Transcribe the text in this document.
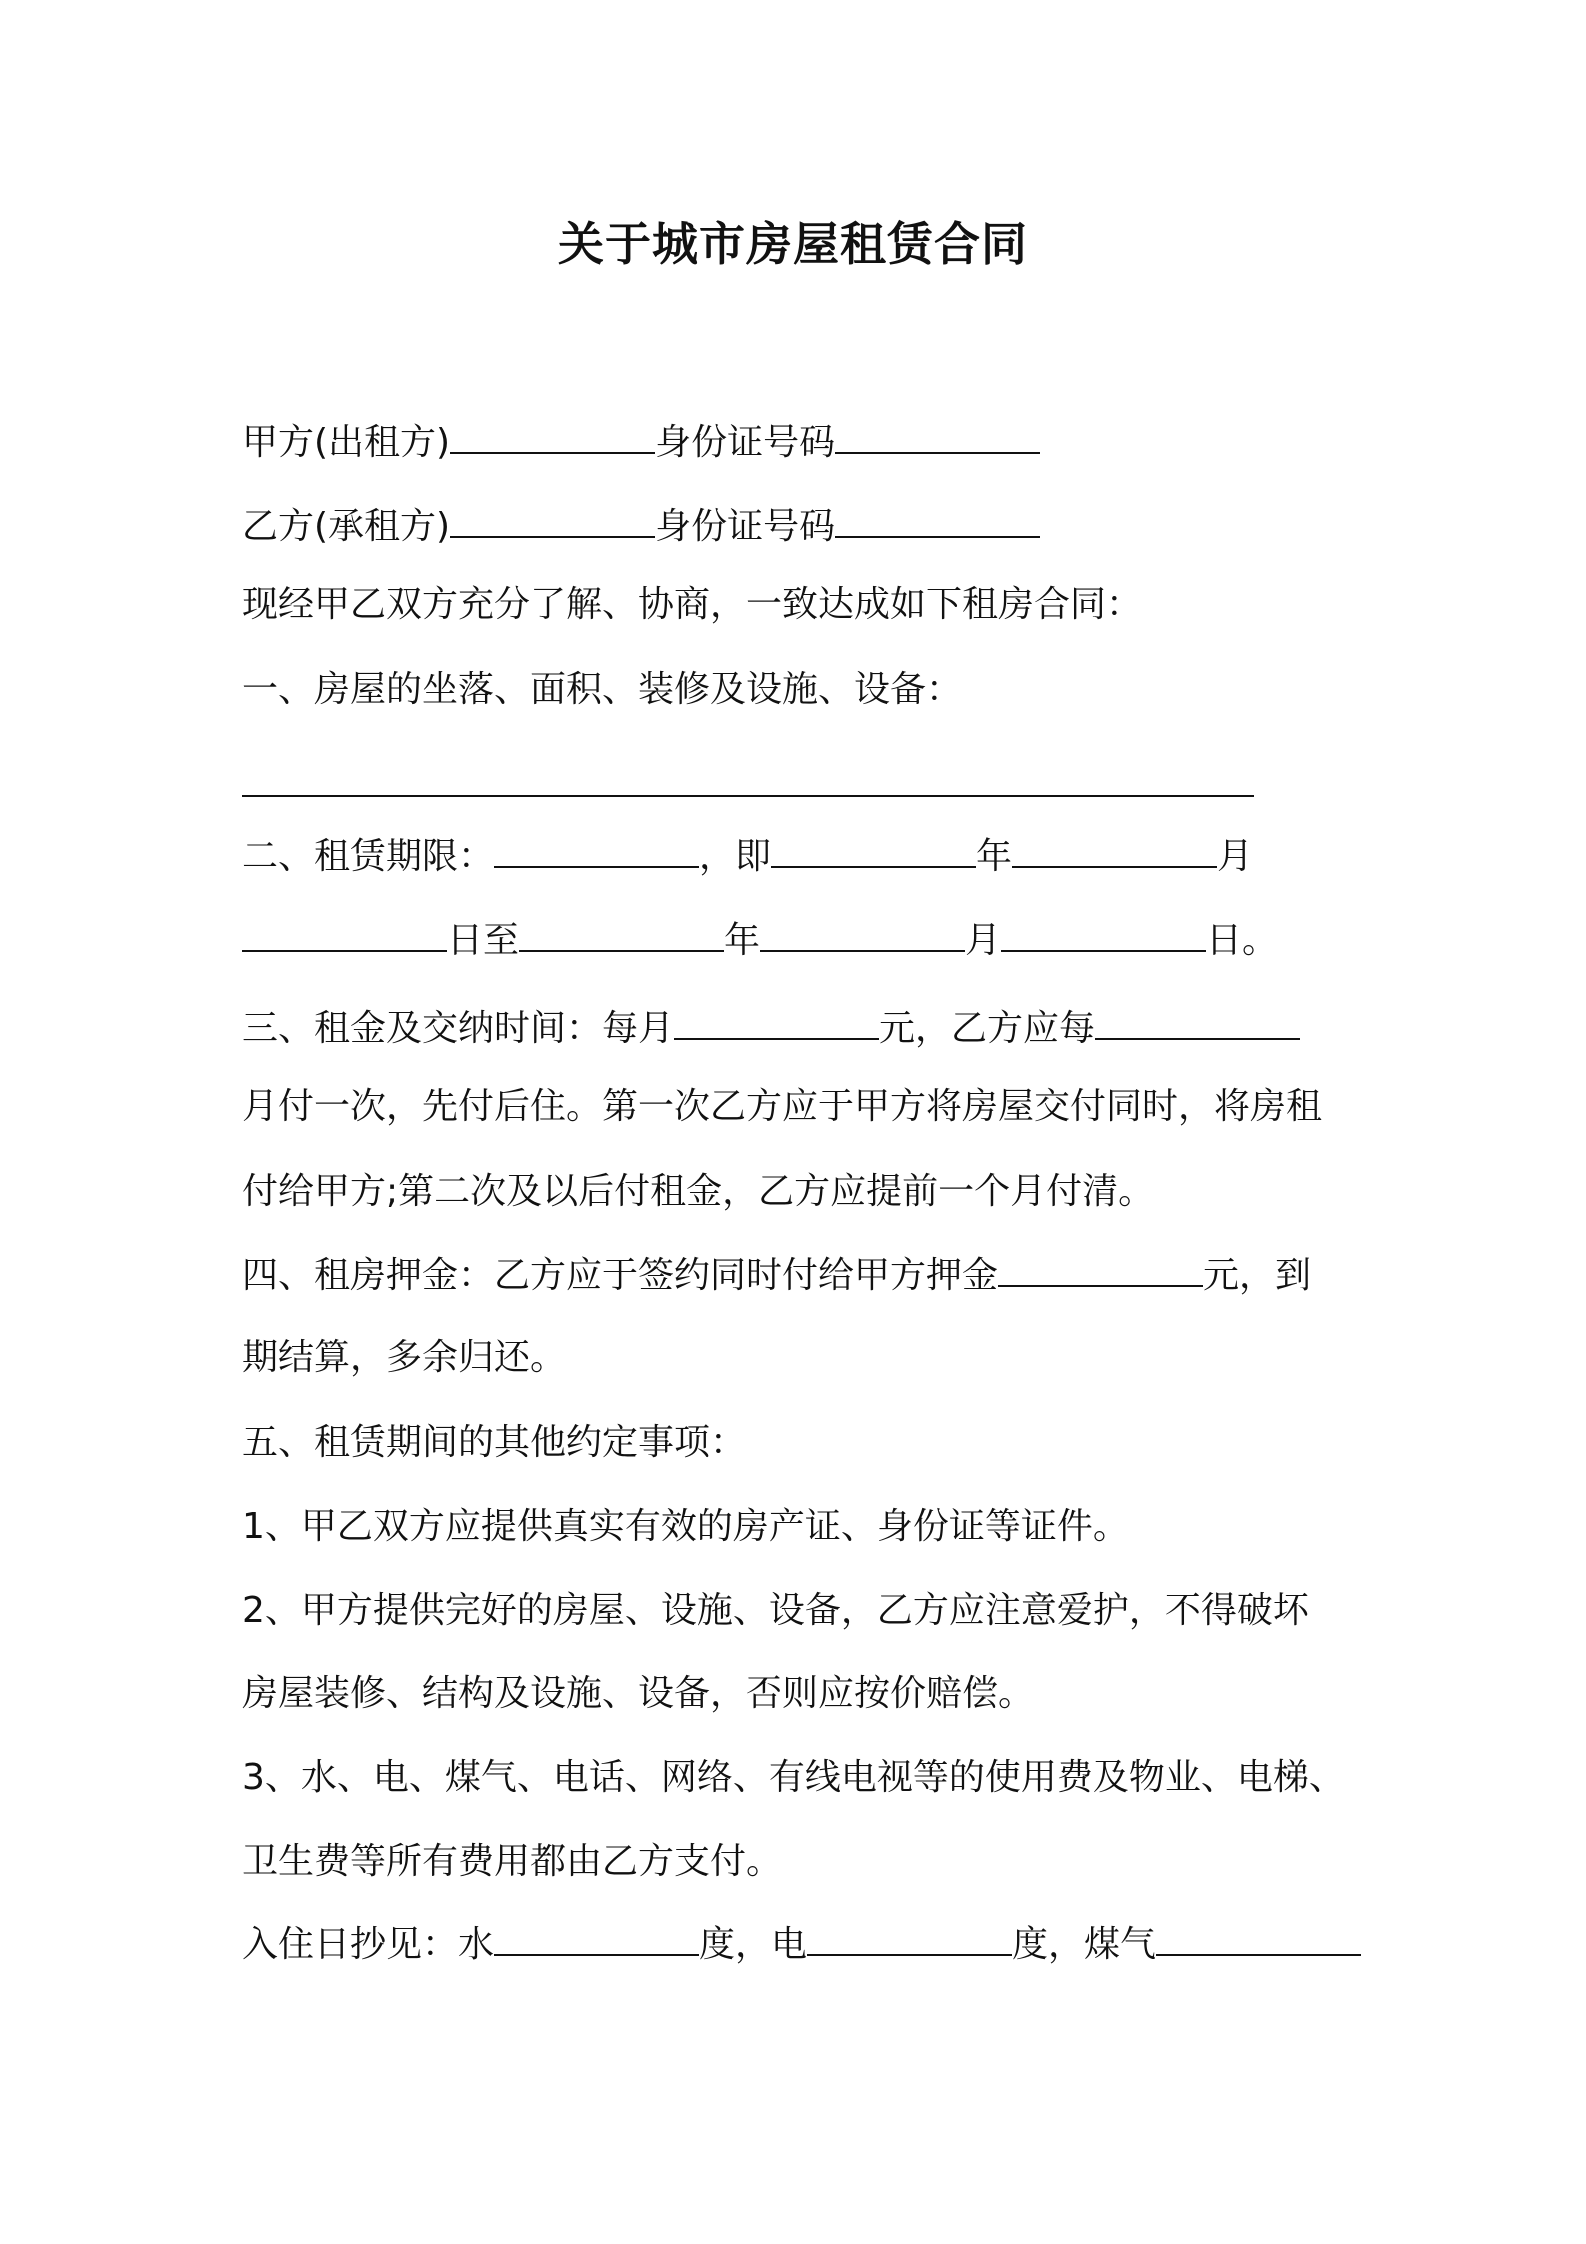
关于城市房屋租赁合同

甲方(出租方)	身份证号码

乙方(承租方)	身份证号码

现经甲乙双方充分了解、协商，一致达成如下租房合同：

一、房屋的坐落、面积、装修及设施、设备：

二、租赁期限：	，即	年	月

日至	年	月	日。

三、租金及交纳时间：每月	元，乙方应每

月付一次，先付后住。第一次乙方应于甲方将房屋交付同时，将房租

付给甲方;第二次及以后付租金，乙方应提前一个月付清。

四、租房押金：乙方应于签约同时付给甲方押金	元，到

期结算，多余归还。

五、租赁期间的其他约定事项：

1、甲乙双方应提供真实有效的房产证、身份证等证件。

2、甲方提供完好的房屋、设施、设备，乙方应注意爱护，不得破坏

房屋装修、结构及设施、设备，否则应按价赔偿。

3、水、电、煤气、电话、网络、有线电视等的使用费及物业、电梯、

卫生费等所有费用都由乙方支付。

入住日抄见：水	度，电	度，煤气
